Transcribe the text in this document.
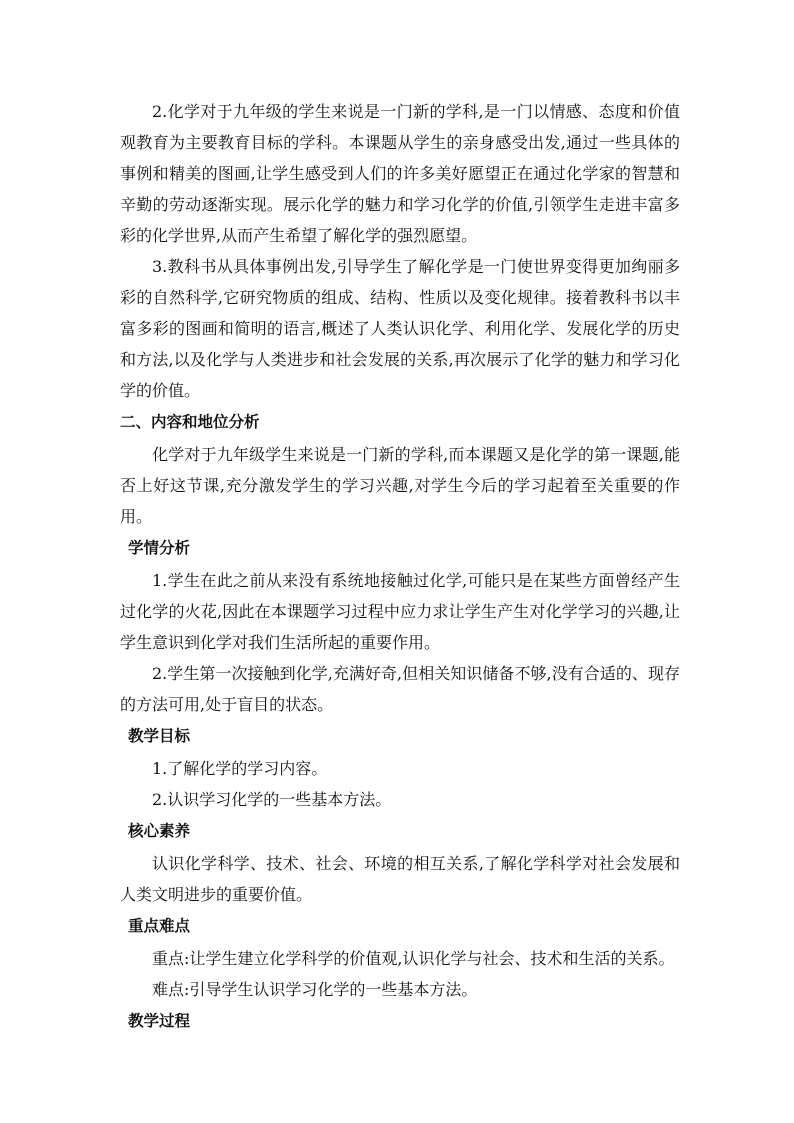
2.化学对于九年级的学生来说是一门新的学科,是一门以情感、态度和价值观教育为主要教育目标的学科。本课题从学生的亲身感受出发,通过一些具体的事例和精美的图画,让学生感受到人们的许多美好愿望正在通过化学家的智慧和辛勤的劳动逐渐实现。展示化学的魅力和学习化学的价值,引领学生走进丰富多彩的化学世界,从而产生希望了解化学的强烈愿望。

3.教科书从具体事例出发,引导学生了解化学是一门使世界变得更加绚丽多彩的自然科学,它研究物质的组成、结构、性质以及变化规律。接着教科书以丰富多彩的图画和简明的语言,概述了人类认识化学、利用化学、发展化学的历史和方法,以及化学与人类进步和社会发展的关系,再次展示了化学的魅力和学习化学的价值。

二、内容和地位分析

化学对于九年级学生来说是一门新的学科,而本课题又是化学的第一课题,能否上好这节课,充分激发学生的学习兴趣,对学生今后的学习起着至关重要的作用。

学情分析

1.学生在此之前从来没有系统地接触过化学,可能只是在某些方面曾经产生过化学的火花,因此在本课题学习过程中应力求让学生产生对化学学习的兴趣,让学生意识到化学对我们生活所起的重要作用。

2.学生第一次接触到化学,充满好奇,但相关知识储备不够,没有合适的、现存的方法可用,处于盲目的状态。

教学目标

1.了解化学的学习内容。

2.认识学习化学的一些基本方法。

核心素养

认识化学科学、技术、社会、环境的相互关系,了解化学科学对社会发展和人类文明进步的重要价值。

重点难点

重点:让学生建立化学科学的价值观,认识化学与社会、技术和生活的关系。

难点:引导学生认识学习化学的一些基本方法。

教学过程
